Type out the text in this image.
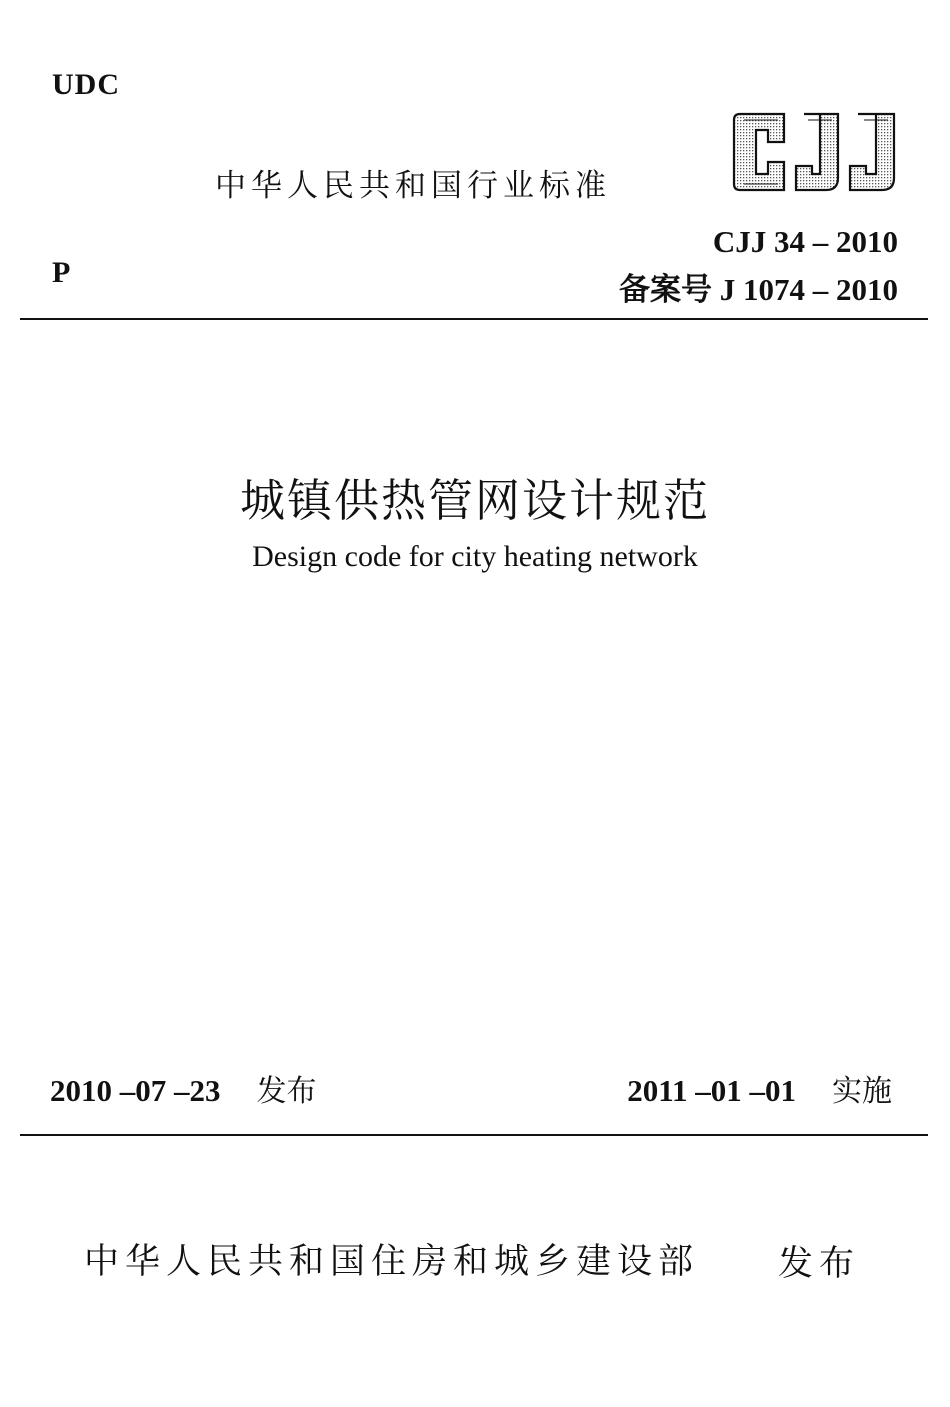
UDC
中华人民共和国行业标准
CJJ 34 – 2010
备案号 J 1074 – 2010
P
城镇供热管网设计规范
Design code for city heating network
2010 –07 –23 发布	2011 –01 –01 实施
中华人民共和国住房和城乡建设部 发布
